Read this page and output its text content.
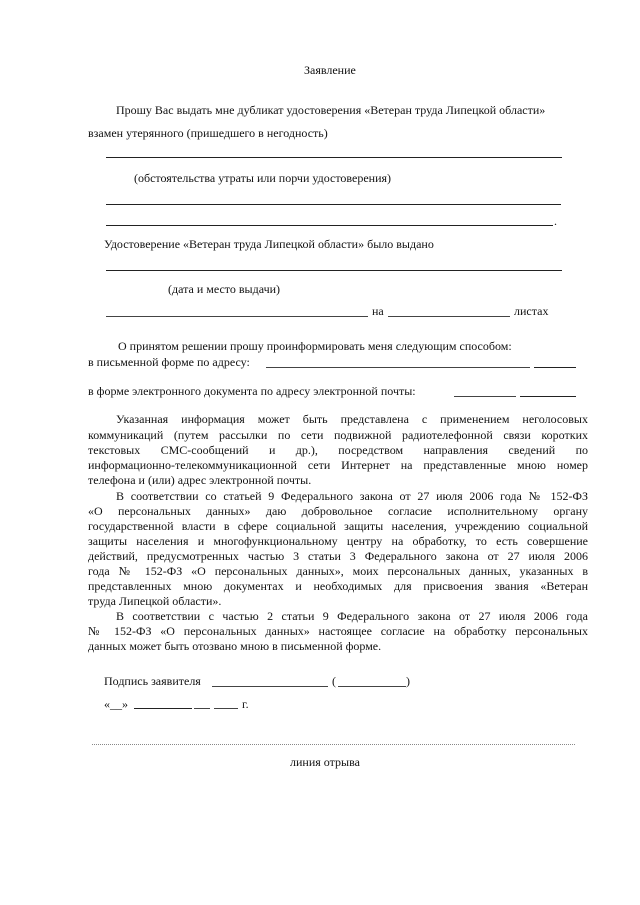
Заявление
Прошу Вас выдать мне дубликат удостоверения «Ветеран труда Липецкой области»
взамен утерянного (пришедшего в негодность)
(обстоятельства утраты или порчи удостоверения)
.
Удостоверение «Ветеран труда Липецкой области» было выдано
(дата и место выдачи)
на	листах
О принятом решении прошу проинформировать меня следующим способом:
в письменной форме по адресу:
в форме электронного документа по адресу электронной почты:
Указанная информация может быть представлена с применением неголосовых
коммуникаций (путем рассылки по сети подвижной радиотелефонной связи коротких
текстовых СМС-сообщений и др.), посредством направления сведений по
информационно-телекоммуникационной сети Интернет на представленные мною номер
телефона и (или) адрес электронной почты.
В соответствии со статьей 9 Федерального закона от 27 июля 2006 года № 152-ФЗ
«О персональных данных» даю добровольное согласие исполнительному органу
государственной власти в сфере социальной защиты населения, учреждению социальной
защиты населения и многофункциональному центру на обработку, то есть совершение
действий, предусмотренных частью 3 статьи 3 Федерального закона от 27 июля 2006
года № 152-ФЗ «О персональных данных», моих персональных данных, указанных в
представленных мною документах и необходимых для присвоения звания «Ветеран
труда Липецкой области».
В соответствии с частью 2 статьи 9 Федерального закона от 27 июля 2006 года
№ 152-ФЗ «О персональных данных» настоящее согласие на обработку персональных
данных может быть отозвано мною в письменной форме.
Подпись заявителя	(	)
«__»	г.
линия отрыва
